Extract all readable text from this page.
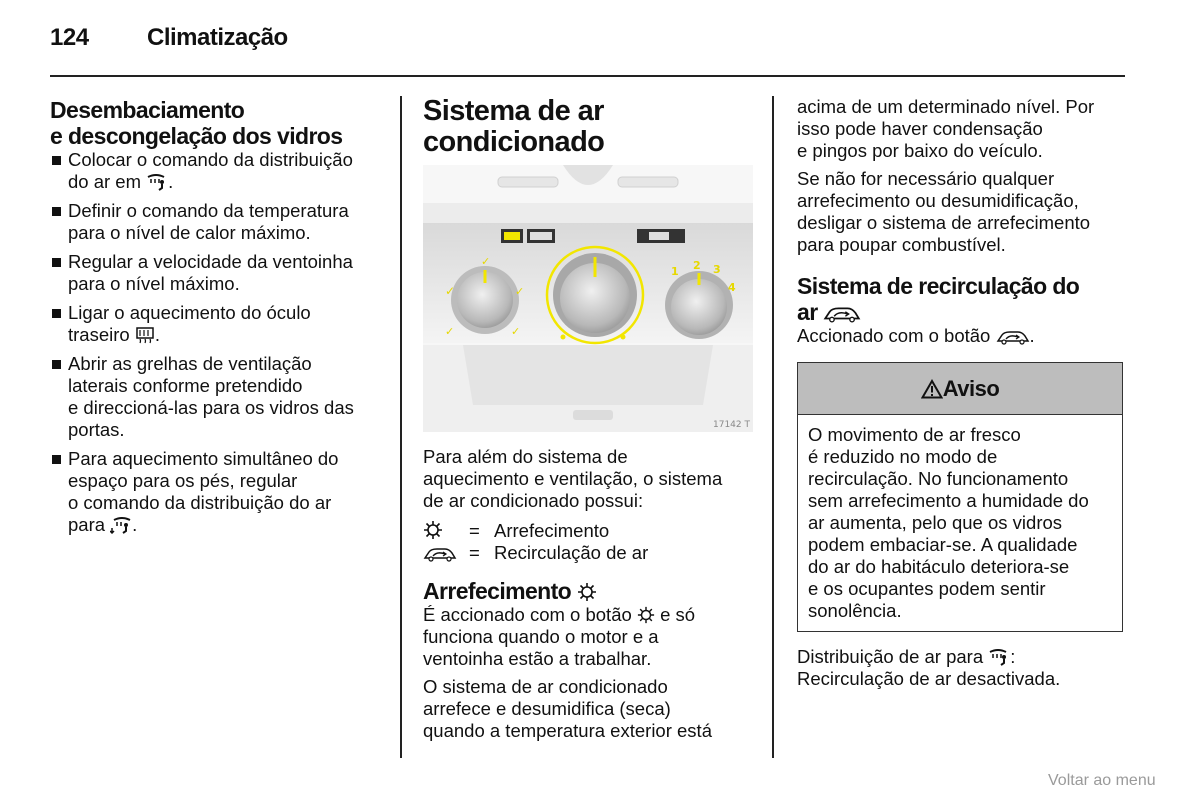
124 Climatização
Desembaciamento
e descongelação dos vidros
Colocar o comando da distribuição
do ar em .
Definir o comando da temperatura
para o nível de calor máximo.
Regular a velocidade da ventoinha
para o nível máximo.
Ligar o aquecimento do óculo
traseiro .
Abrir as grelhas de ventilação
laterais conforme pretendido
e direccioná-las para os vidros das
portas.
Para aquecimento simultâneo do
espaço para os pés, regular
o comando da distribuição do ar
para .
Sistema de ar
condicionado
✓
✓
✓
✓	✓
1 2 3
4
17142 T
Para além do sistema de
aquecimento e ventilação, o sistema
de ar condicionado possui:
= Arrefecimento
= Recirculação de ar
Arrefecimento
É accionado com o botão e só
funciona quando o motor e a
ventoinha estão a trabalhar.
O sistema de ar condicionado
arrefece e desumidifica (seca)
quando a temperatura exterior está
acima de um determinado nível. Por
isso pode haver condensação
e pingos por baixo do veículo.
Se não for necessário qualquer
arrefecimento ou desumidificação,
desligar o sistema de arrefecimento
para poupar combustível.
Sistema de recirculação do
ar
Accionado com o botão .
Aviso
O movimento de ar fresco
é reduzido no modo de
recirculação. No funcionamento
sem arrefecimento a humidade do
ar aumenta, pelo que os vidros
podem embaciar-se. A qualidade
do ar do habitáculo deteriora-se
e os ocupantes podem sentir
sonolência.
Distribuição de ar para :
Recirculação de ar desactivada.
Voltar ao menu
